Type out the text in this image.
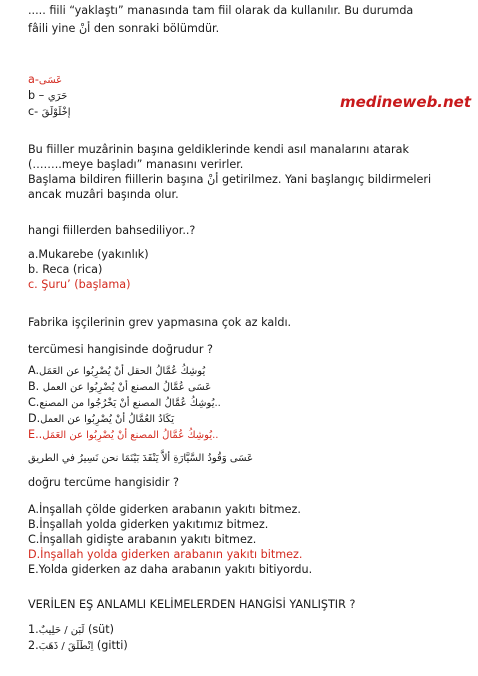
..... fiili “yaklaştı” manasında tam fiil olarak da kullanılır. Bu durumda
fâili yine أنْ den sonraki bölümdür.
a-عَسَى
b – حَرَي
c- إخْلَوْلَقَ
medineweb.net
Bu fiiller muzârinin başına geldiklerinde kendi asıl manalarını atarak
(……..meye başladı” manasını verirler.
Başlama bildiren fiillerin başına أنْ getirilmez. Yani başlangıç bildirmeleri
ancak muzâri başında olur.
hangi fiillerden bahsediliyor..?
a.Mukarebe (yakınlık)
b. Reca (rica)
c. Şuru’ (başlama)
Fabrika işçilerinin grev yapmasına çok az kaldı.
tercümesi hangisinde doğrudur ?
A.يُوشِكُ عُمَّالُ الحقل أنْ يُضْرِبُوا عن العَمَل
B. عَسَى عُمَّالُ المصنع أنْ يُضْرِبُوا عن العمل
C.يُوشِكُ عُمَّالُ المصنع أنْ يَخْرُجُوا من المصنع..
D.يَكَادُ العُمَّالُ أنْ يُضْرِبُوا عن العمل
E..يُوشِكُ عُمَّالُ المصنع أنْ يُضْرِبُوا عن العَمَل..
عَسَى وَقُودُ السَّيَّارَةِ ألاَّ يَنْفَدَ بَيْنَمَا نحن نَسِيرُ في الطريق
doğru tercüme hangisidir ?
A.İnşallah çölde giderken arabanın yakıtı bitmez.
B.İnşallah yolda giderken yakıtımız bitmez.
C.İnşallah gidişte arabanın yakıtı bitmez.
D.İnşallah yolda giderken arabanın yakıtı bitmez.
E.Yolda giderken az daha arabanın yakıtı bitiyordu.
VERİLEN EŞ ANLAMLI KELİMELERDEN HANGİSİ YANLIŞTIR ?
1.لَبَن / حَلِيبٌ (süt)
2.اِنْطَلَقَ / ذَهَبَ (gitti)
